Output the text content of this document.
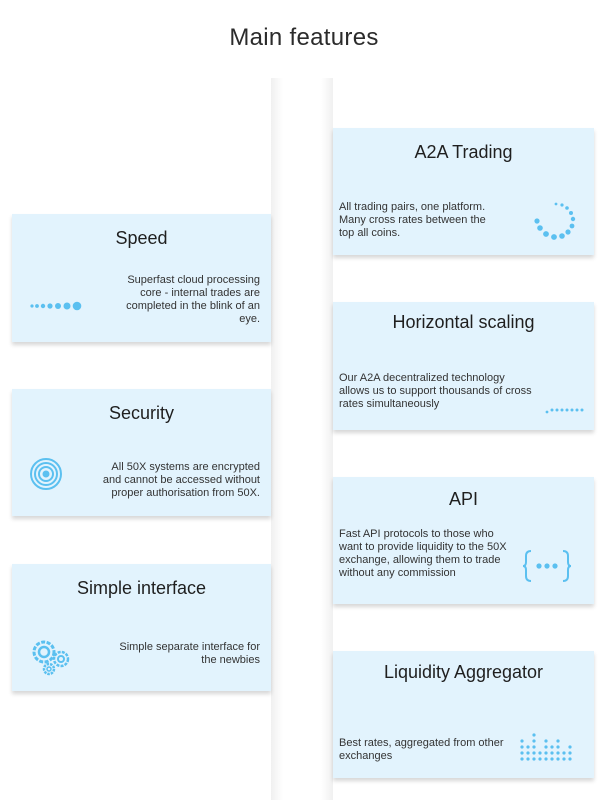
Main features
Speed
Superfast cloud processing core - internal trades are completed in the blink of an eye.
Security
All 50X systems are encrypted and cannot be accessed without proper authorisation from 50X.
Simple interface
Simple separate interface for the newbies
A2A Trading
All trading pairs, one platform. Many cross rates between the top all coins.
Horizontal scaling
Our A2A decentralized technology allows us to support thousands of cross rates simultaneously
API
Fast API protocols to those who want to provide liquidity to the 50X exchange, allowing them to trade without any commission
Liquidity Aggregator
Best rates, aggregated from other exchanges
